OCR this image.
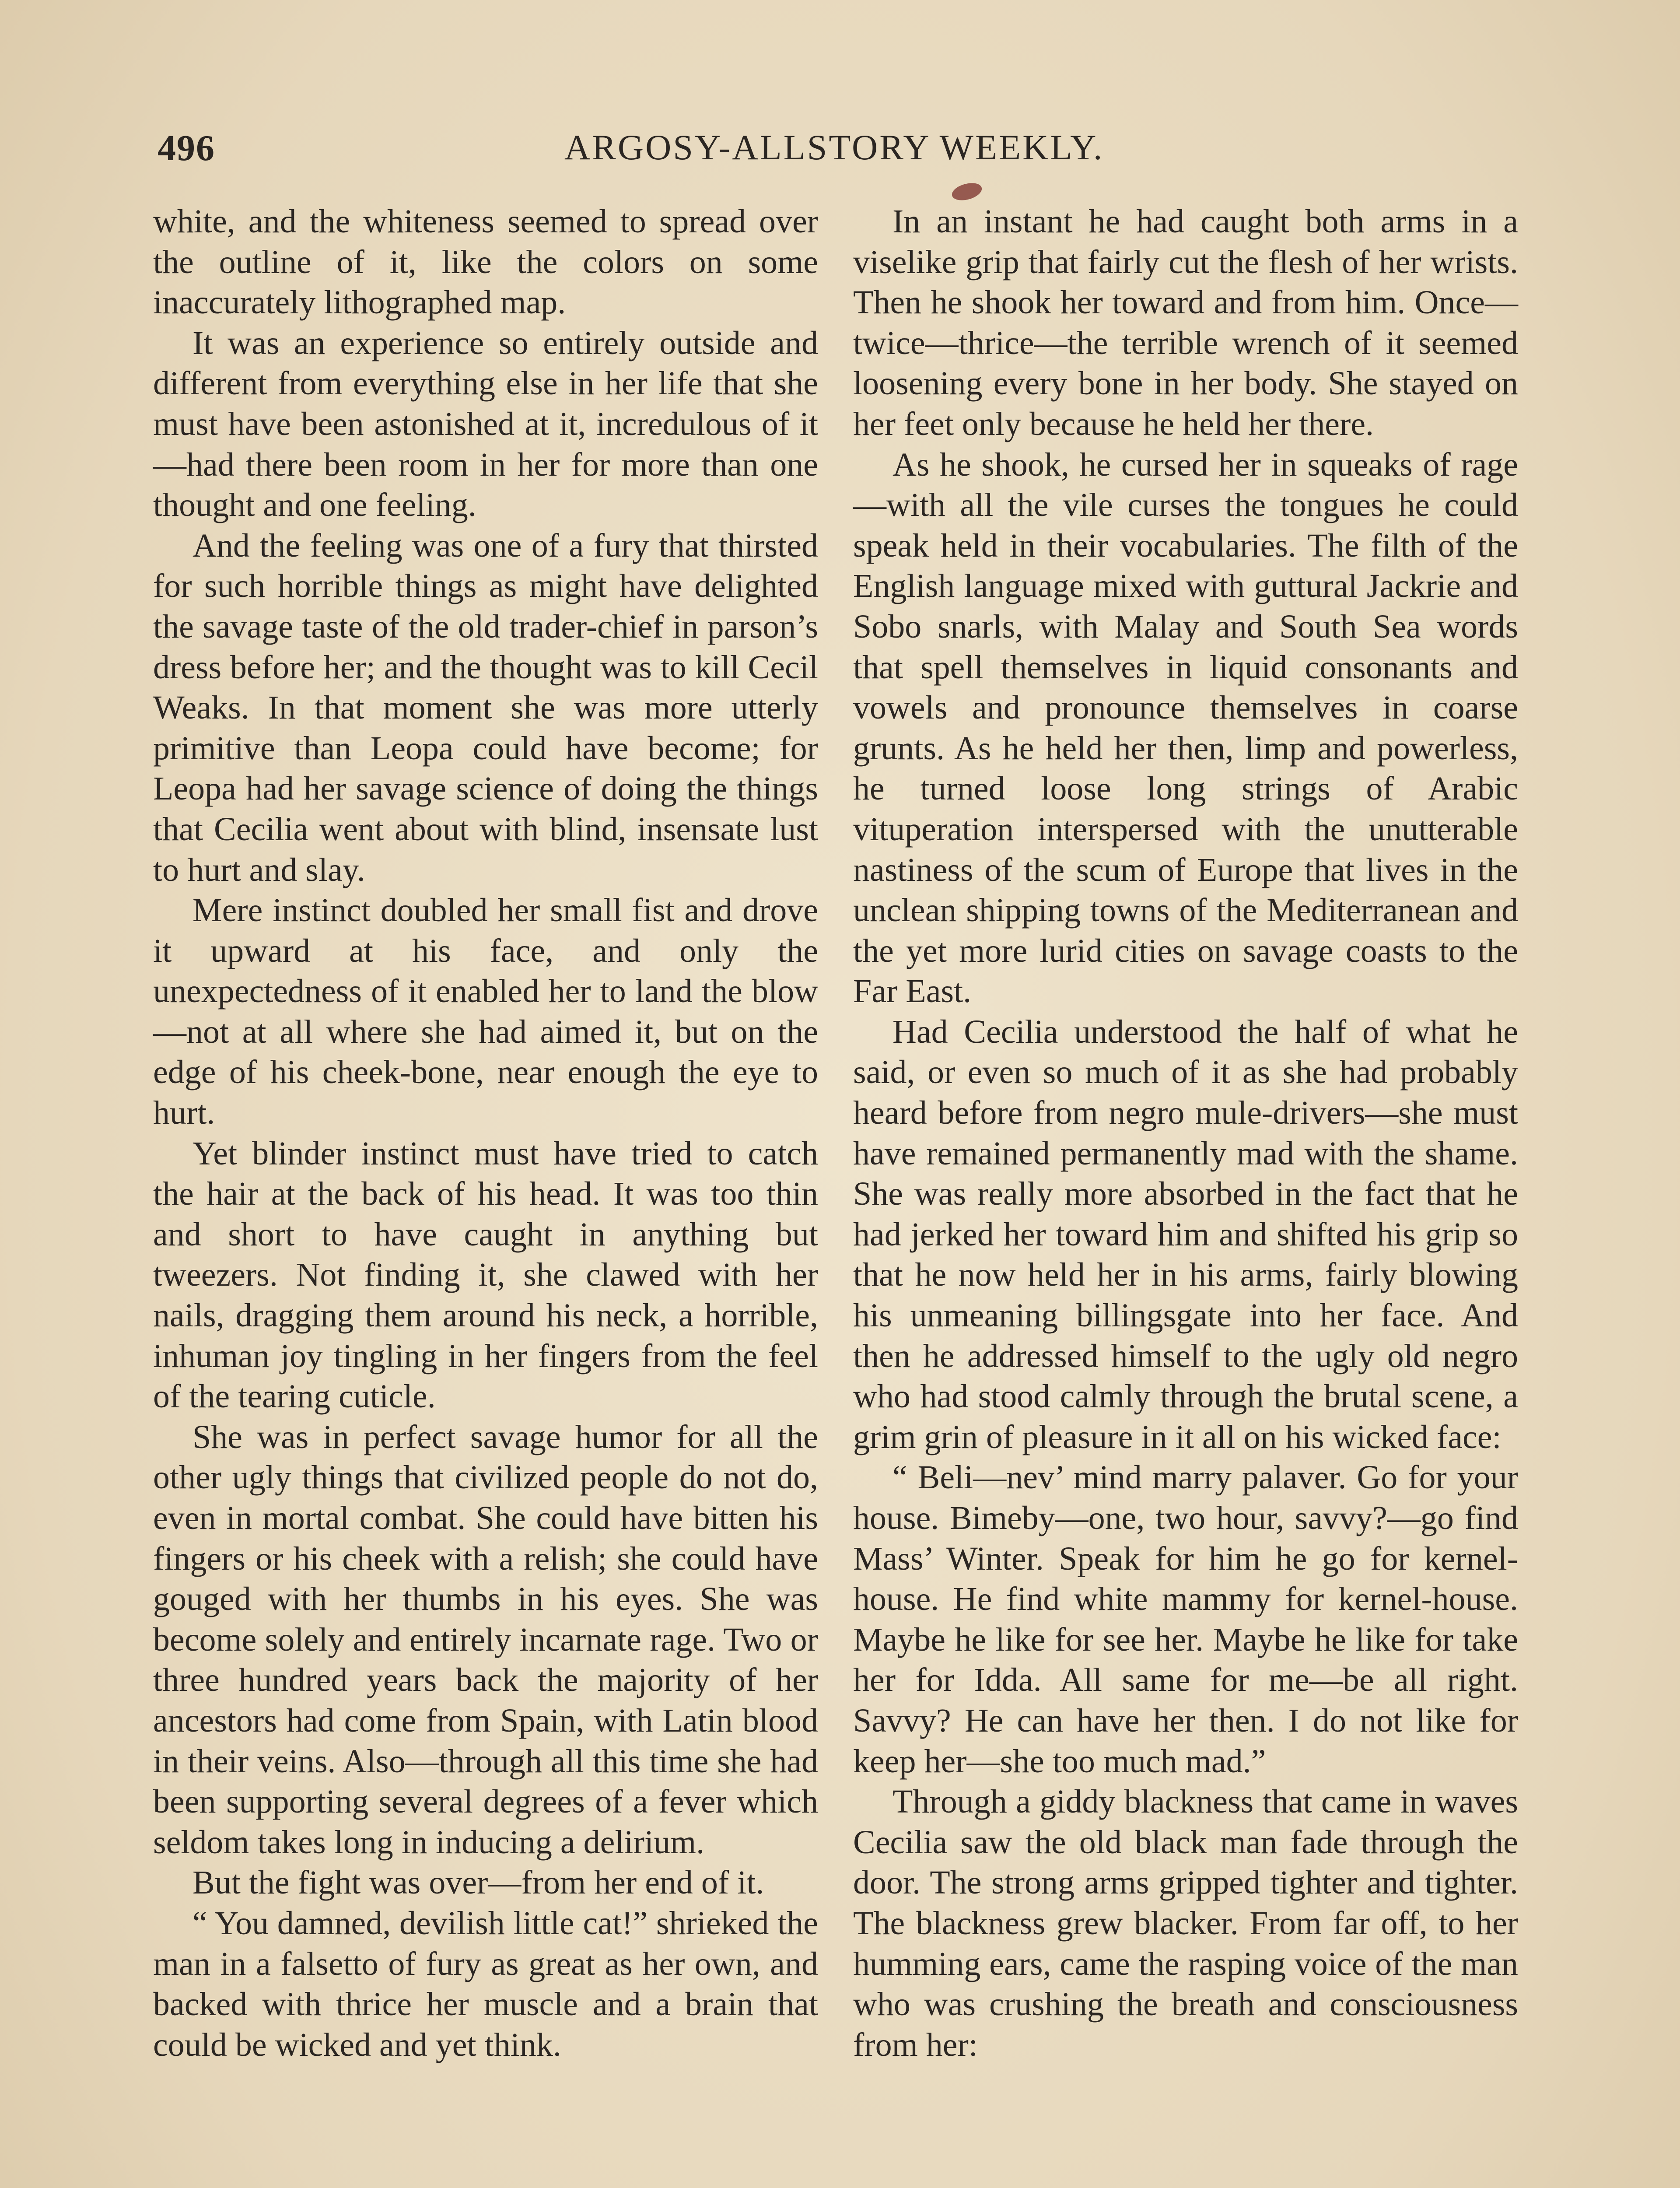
496	ARGOSY-ALLSTORY WEEKLY.

white, and the whiteness seemed to spread over the outline of it, like the colors on some inaccurately lithographed map.

It was an experience so entirely outside and different from everything else in her life that she must have been astonished at it, incredulous of it—had there been room in her for more than one thought and one feeling.

And the feeling was one of a fury that thirsted for such horrible things as might have delighted the savage taste of the old trader-chief in parson’s dress before her; and the thought was to kill Cecil Weaks. In that moment she was more utterly primitive than Leopa could have become; for Leopa had her savage science of doing the things that Cecilia went about with blind, insensate lust to hurt and slay.

Mere instinct doubled her small fist and drove it upward at his face, and only the unexpectedness of it enabled her to land the blow—not at all where she had aimed it, but on the edge of his cheek-bone, near enough the eye to hurt.

Yet blinder instinct must have tried to catch the hair at the back of his head. It was too thin and short to have caught in anything but tweezers. Not finding it, she clawed with her nails, dragging them around his neck, a horrible, inhuman joy tingling in her fingers from the feel of the tearing cuticle.

She was in perfect savage humor for all the other ugly things that civilized people do not do, even in mortal combat. She could have bitten his fingers or his cheek with a relish; she could have gouged with her thumbs in his eyes. She was become solely and entirely incarnate rage. Two or three hundred years back the majority of her ancestors had come from Spain, with Latin blood in their veins. Also—through all this time she had been supporting several degrees of a fever which seldom takes long in inducing a delirium.

But the fight was over—from her end of it.

“ You damned, devilish little cat!” shrieked the man in a falsetto of fury as great as her own, and backed with thrice her muscle and a brain that could be wicked and yet think.

In an instant he had caught both arms in a viselike grip that fairly cut the flesh of her wrists. Then he shook her toward and from him. Once—twice—thrice—the terrible wrench of it seemed loosening every bone in her body. She stayed on her feet only because he held her there.

As he shook, he cursed her in squeaks of rage—with all the vile curses the tongues he could speak held in their vocabularies. The filth of the English language mixed with guttural Jackrie and Sobo snarls, with Malay and South Sea words that spell themselves in liquid consonants and vowels and pronounce themselves in coarse grunts. As he held her then, limp and powerless, he turned loose long strings of Arabic vituperation interspersed with the unutterable nastiness of the scum of Europe that lives in the unclean shipping towns of the Mediterranean and the yet more lurid cities on savage coasts to the Far East.

Had Cecilia understood the half of what he said, or even so much of it as she had probably heard before from negro mule-drivers—she must have remained permanently mad with the shame. She was really more absorbed in the fact that he had jerked her toward him and shifted his grip so that he now held her in his arms, fairly blowing his unmeaning billingsgate into her face. And then he addressed himself to the ugly old negro who had stood calmly through the brutal scene, a grim grin of pleasure in it all on his wicked face:

“ Beli—nev’ mind marry palaver. Go for your house. Bimeby—one, two hour, savvy?—go find Mass’ Winter. Speak for him he go for kernel-house. He find white mammy for kernel-house. Maybe he like for see her. Maybe he like for take her for Idda. All same for me—be all right. Savvy? He can have her then. I do not like for keep her—she too much mad.”

Through a giddy blackness that came in waves Cecilia saw the old black man fade through the door. The strong arms gripped tighter and tighter. The blackness grew blacker. From far off, to her humming ears, came the rasping voice of the man who was crushing the breath and consciousness from her:
